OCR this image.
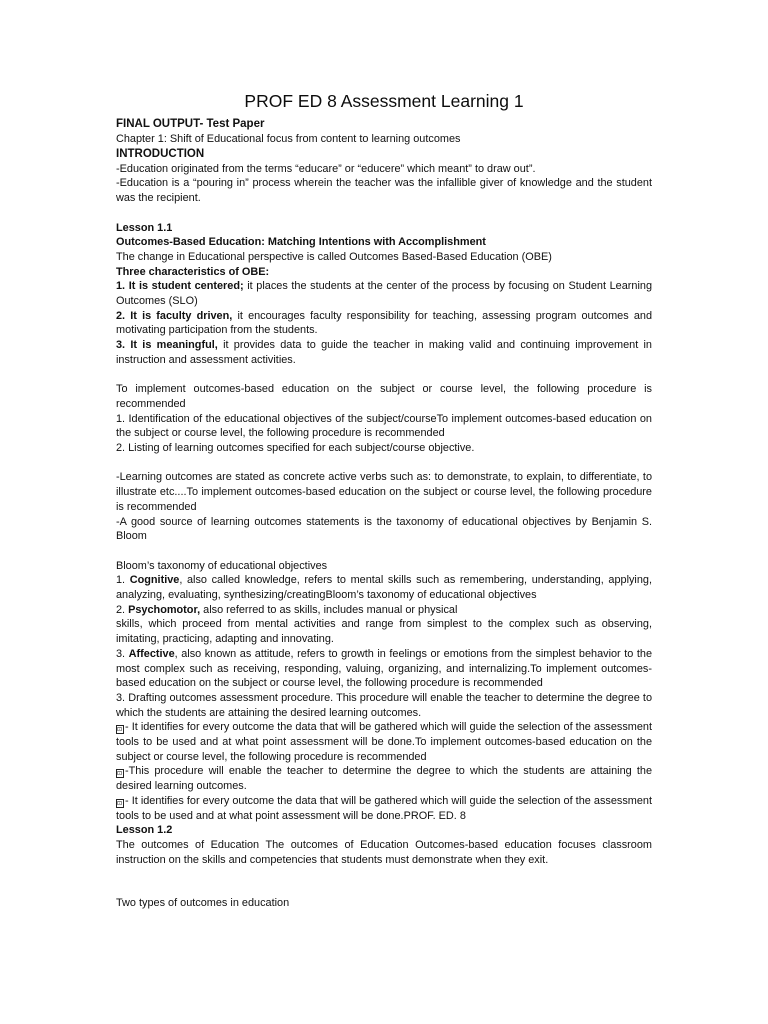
PROF ED 8 Assessment Learning 1

FINAL OUTPUT- Test Paper

Chapter 1: Shift of Educational focus from content to learning outcomes

INTRODUCTION

-Education originated from the terms “educare” or “educere” which meant” to draw out”.

-Education is a “pouring in” process wherein the teacher was the infallible giver of knowledge and the student was the recipient.

Lesson 1.1

Outcomes-Based Education: Matching Intentions with Accomplishment

The change in Educational perspective is called Outcomes Based-Based Education (OBE)

Three characteristics of OBE:

1. It is student centered; it places the students at the center of the process by focusing on Student Learning Outcomes (SLO)

2. It is faculty driven, it encourages faculty responsibility for teaching, assessing program outcomes and motivating participation from the students.

3. It is meaningful, it provides data to guide the teacher in making valid and continuing improvement in instruction and assessment activities.

To implement outcomes-based education on the subject or course level, the following procedure is recommended

1. Identification of the educational objectives of the subject/courseTo implement outcomes-based education on the subject or course level, the following procedure is recommended

2. Listing of learning outcomes specified for each subject/course objective.

-Learning outcomes are stated as concrete active verbs such as: to demonstrate, to explain, to differentiate, to illustrate etc....To implement outcomes-based education on the subject or course level, the following procedure is recommended

-A good source of learning outcomes statements is the taxonomy of educational objectives by Benjamin S. Bloom

Bloom’s taxonomy of educational objectives

1. Cognitive, also called knowledge, refers to mental skills such as remembering, understanding, applying, analyzing, evaluating, synthesizing/creatingBloom’s taxonomy of educational objectives

2. Psychomotor, also referred to as skills, includes manual or physical

skills, which proceed from mental activities and range from simplest to the complex such as observing, imitating, practicing, adapting and innovating.

3. Affective, also known as attitude, refers to growth in feelings or emotions from the simplest behavior to the most complex such as receiving, responding, valuing, organizing, and internalizing.To implement outcomes-based education on the subject or course level, the following procedure is recommended

3. Drafting outcomes assessment procedure. This procedure will enable the teacher to determine the degree to which the students are attaining the desired learning outcomes.

⊡ - It identifies for every outcome the data that will be gathered which will guide the selection of the assessment tools to be used and at what point assessment will be done.To implement outcomes-based education on the subject or course level, the following procedure is recommended

⊡ -This procedure will enable the teacher to determine the degree to which the students are attaining the desired learning outcomes.

⊡ - It identifies for every outcome the data that will be gathered which will guide the selection of the assessment tools to be used and at what point assessment will be done.PROF. ED. 8

Lesson 1.2

The outcomes of Education The outcomes of Education Outcomes-based education focuses classroom instruction on the skills and competencies that students must demonstrate when they exit.

Two types of outcomes in education
